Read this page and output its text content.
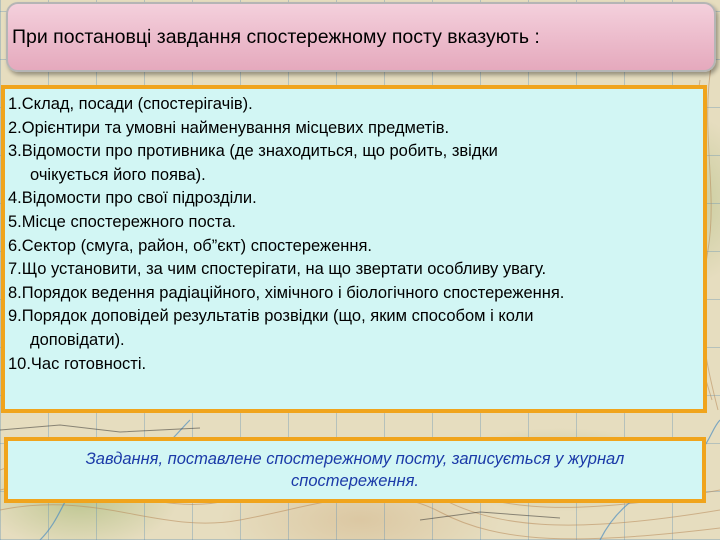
При постановці завдання спостережному посту вказують :
1.Склад, посади (спостерігачів).
2.Орієнтири та умовні найменування місцевих предметів.
3.Відомости про противника (де знаходиться, що робить, звідки
очікується його поява).
4.Відомости про свої підрозділи.
5.Місце спостережного поста.
6.Сектор (смуга, район, об”єкт) спостереження.
7.Що установити, за чим спостерігати, на що звертати особливу увагу.
8.Порядок ведення радіаційного, хімічного і біологічного спостереження.
9.Порядок доповідей результатів розвідки (що, яким способом і коли
доповідати).
10.Час готовності.
Завдання, поставлене спостережному посту, записується у журнал спостереження.
